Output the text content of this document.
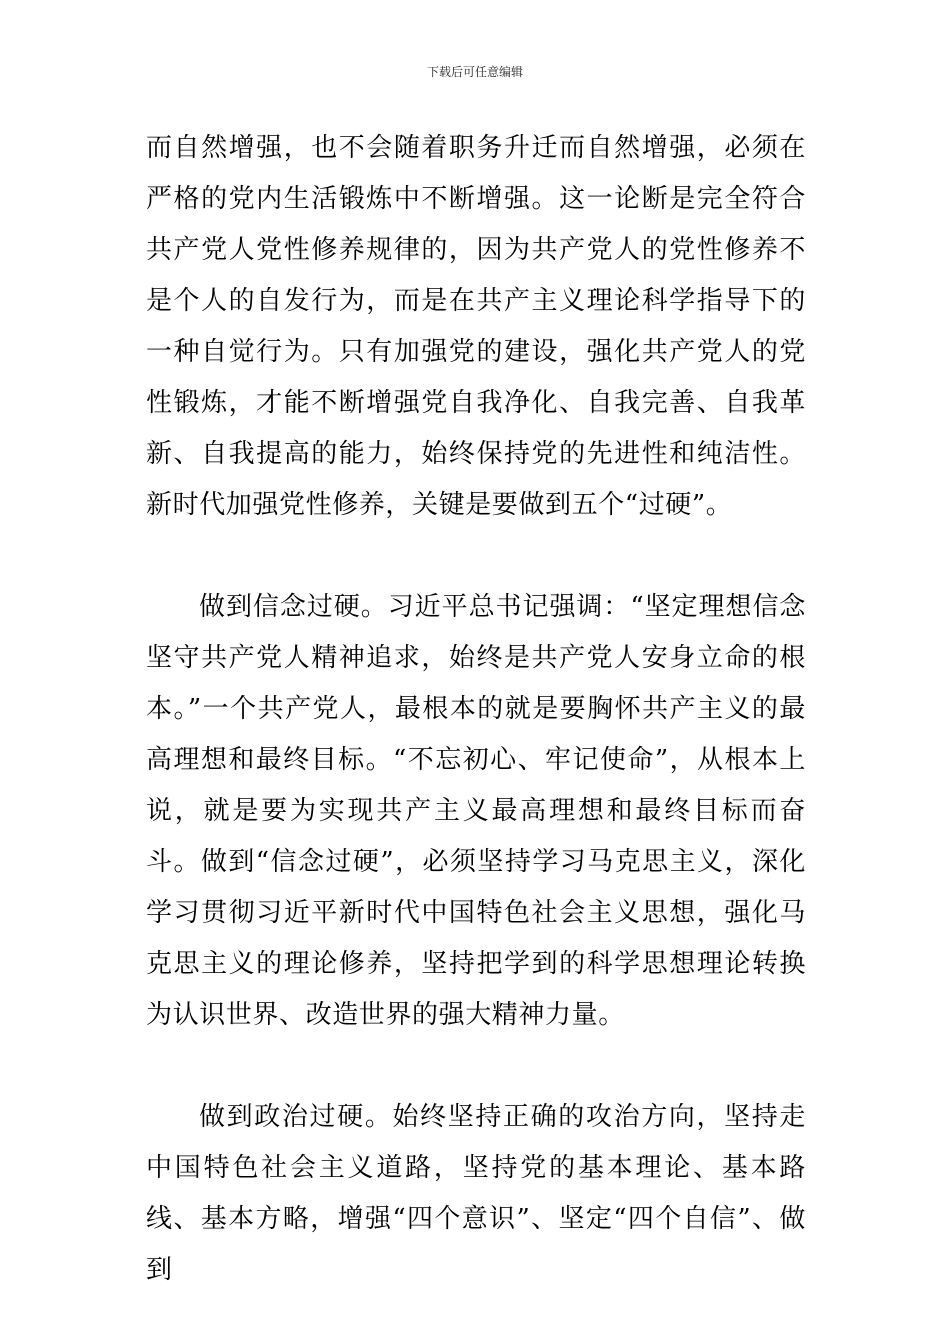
下载后可任意编辑

而自然增强，也不会随着职务升迁而自然增强，必须在严格的党内生活锻炼中不断增强。这一论断是完全符合共产党人党性修养规律的，因为共产党人的党性修养不是个人的自发行为，而是在共产主义理论科学指导下的一种自觉行为。只有加强党的建设，强化共产党人的党性锻炼，才能不断增强党自我净化、自我完善、自我革新、自我提高的能力，始终保持党的先进性和纯洁性。新时代加强党性修养，关键是要做到五个“过硬”。

做到信念过硬。习近平总书记强调：“坚定理想信念坚守共产党人精神追求，始终是共产党人安身立命的根本。”一个共产党人，最根本的就是要胸怀共产主义的最高理想和最终目标。“不忘初心、牢记使命”，从根本上说，就是要为实现共产主义最高理想和最终目标而奋斗。做到“信念过硬”，必须坚持学习马克思主义，深化学习贯彻习近平新时代中国特色社会主义思想，强化马克思主义的理论修养，坚持把学到的科学思想理论转换为认识世界、改造世界的强大精神力量。

做到政治过硬。始终坚持正确的攻治方向，坚持走中国特色社会主义道路，坚持党的基本理论、基本路线、基本方略，增强“四个意识”、坚定“四个自信”、做到
